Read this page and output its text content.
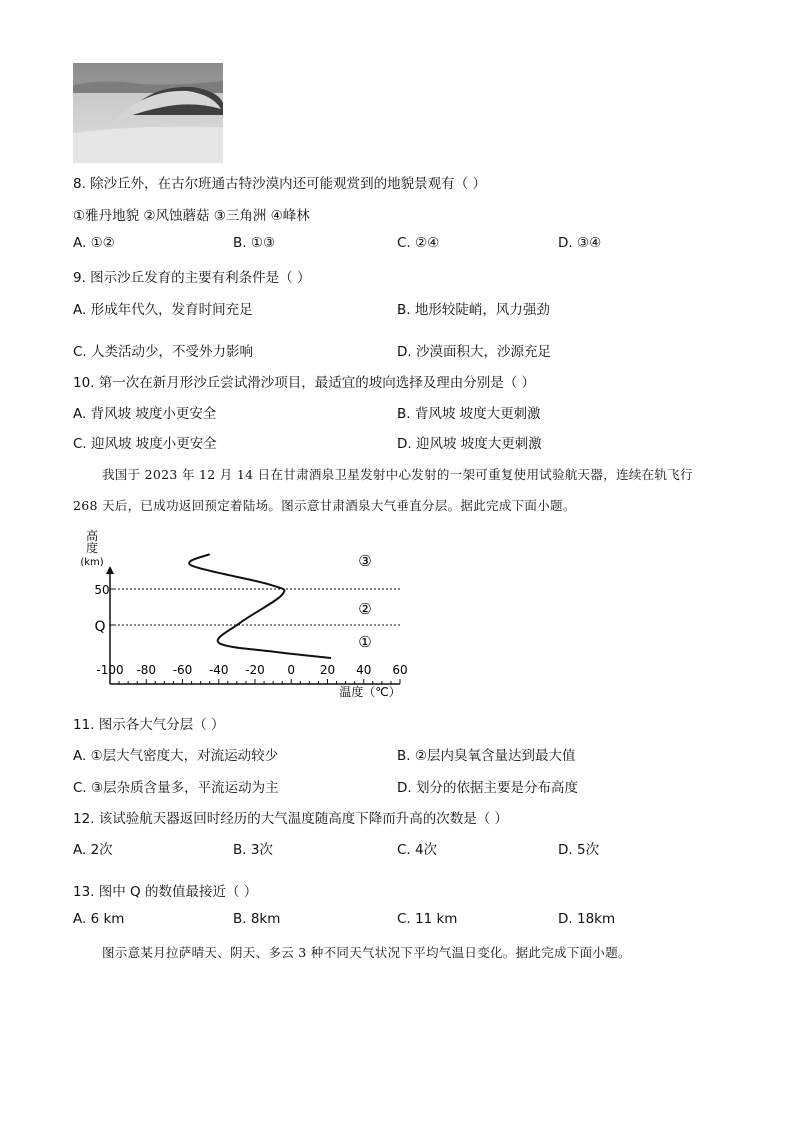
8. 除沙丘外，在古尔班通古特沙漠内还可能观赏到的地貌景观有（ ）
①雅丹地貌 ②风蚀蘑菇 ③三角洲 ④峰林
A. ①②	B. ①③	C. ②④	D. ③④
9. 图示沙丘发育的主要有利条件是（ ）
A. 形成年代久，发育时间充足	B. 地形较陡峭，风力强劲
C. 人类活动少，不受外力影响	D. 沙漠面积大，沙源充足
10. 第一次在新月形沙丘尝试滑沙项目，最适宜的坡向选择及理由分别是（ ）
A. 背风坡 坡度小更安全	B. 背风坡 坡度大更刺激
C. 迎风坡 坡度小更安全	D. 迎风坡 坡度大更刺激
我国于 2023 年 12 月 14 日在甘肃酒泉卫星发射中心发射的一架可重复使用试验航天器，连续在轨飞行
268 天后，已成功返回预定着陆场。图示意甘肃酒泉大气垂直分层。据此完成下面小题。
高
度
(km)
50
Q
③
②
①
-100 -80 -60 -40 -20 0 20 40 60
温度（℃）
11. 图示各大气分层（ ）
A. ①层大气密度大，对流运动较少	B. ②层内臭氧含量达到最大值
C. ③层杂质含量多，平流运动为主	D. 划分的依据主要是分布高度
12. 该试验航天器返回时经历的大气温度随高度下降而升高的次数是（ ）
A. 2次	B. 3次	C. 4次	D. 5次
13. 图中 Q 的数值最接近（ ）
A. 6 km	B. 8km	C. 11 km	D. 18km
图示意某月拉萨晴天、阴天、多云 3 种不同天气状况下平均气温日变化。据此完成下面小题。
